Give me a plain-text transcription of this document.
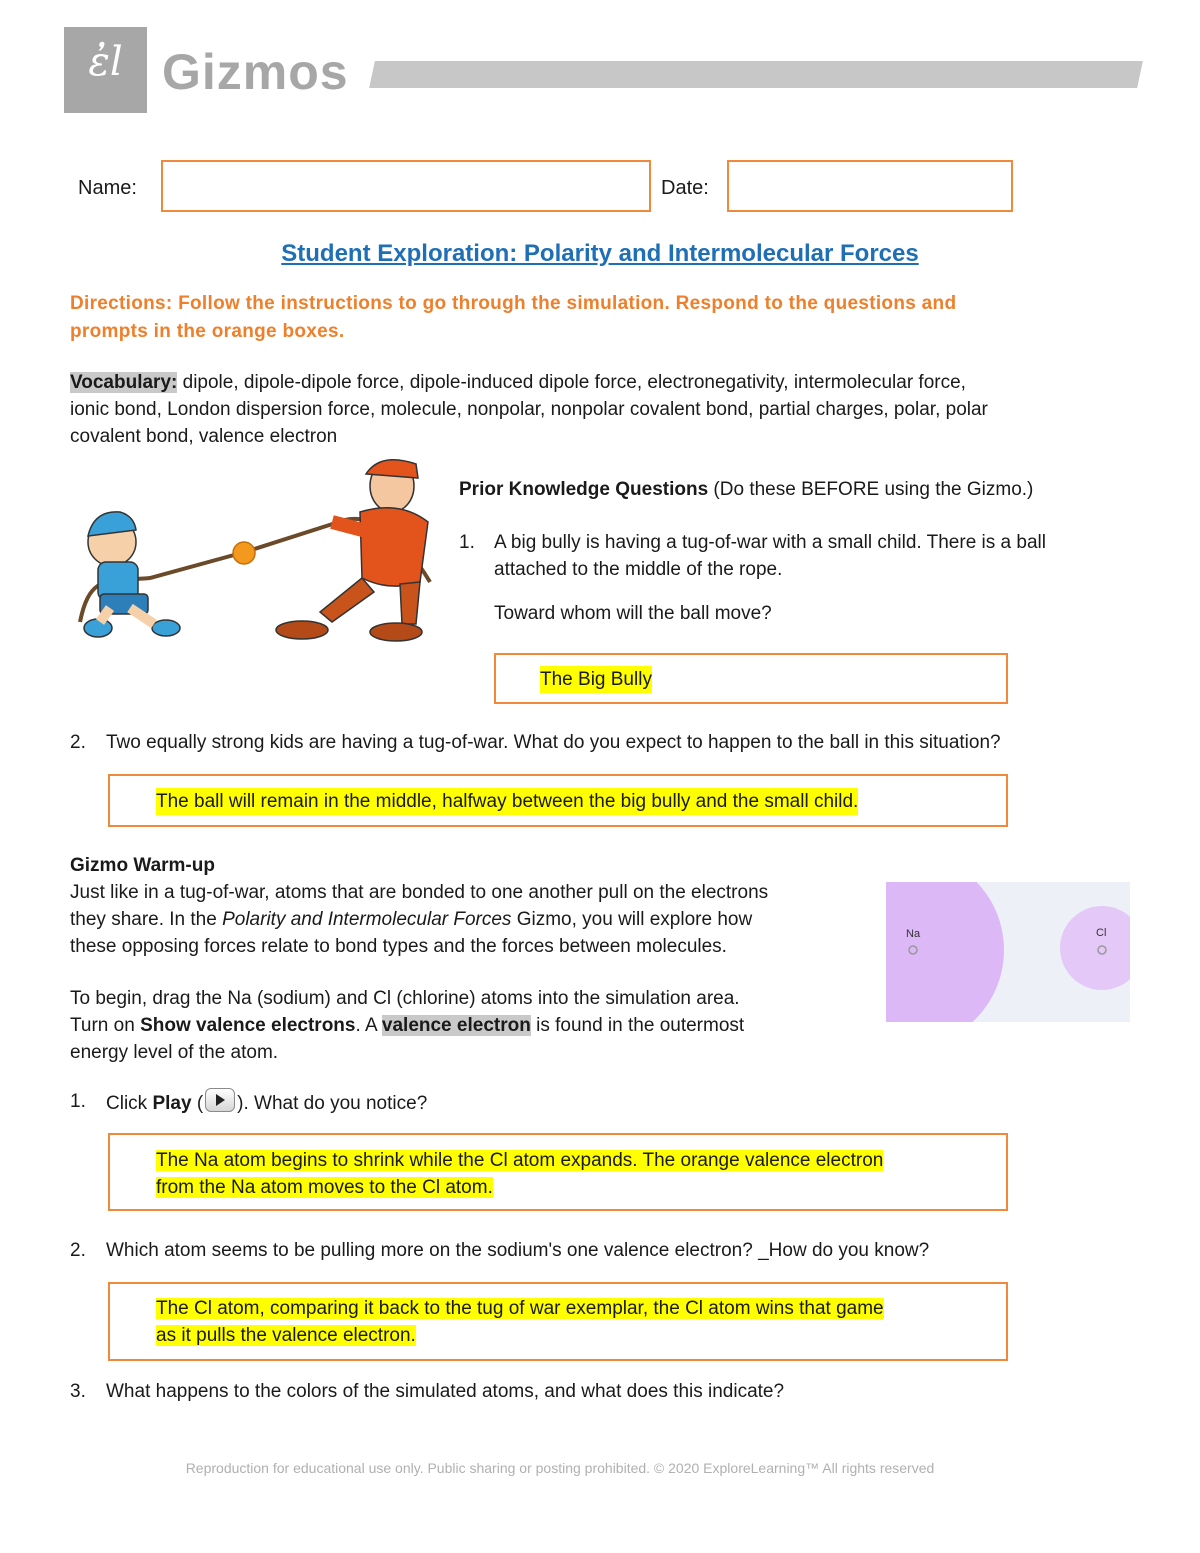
ἐl Gizmos
Name:	Date:
Student Exploration: Polarity and Intermolecular Forces
Directions: Follow the instructions to go through the simulation. Respond to the questions and
prompts in the orange boxes.
Vocabulary: dipole, dipole-dipole force, dipole-induced dipole force, electronegativity, intermolecular force,
ionic bond, London dispersion force, molecule, nonpolar, nonpolar covalent bond, partial charges, polar, polar
covalent bond, valence electron
Prior Knowledge Questions (Do these BEFORE using the Gizmo.)
1. A big bully is having a tug-of-war with a small child. There is a ball
attached to the middle of the rope.
Toward whom will the ball move?
The Big Bully
2. Two equally strong kids are having a tug-of-war. What do you expect to happen to the ball in this situation?
The ball will remain in the middle, halfway between the big bully and the small child.
Gizmo Warm-up
Just like in a tug-of-war, atoms that are bonded to one another pull on the electrons
they share. In the Polarity and Intermolecular Forces Gizmo, you will explore how
these opposing forces relate to bond types and the forces between molecules.
To begin, drag the Na (sodium) and Cl (chlorine) atoms into the simulation area.
Turn on Show valence electrons. A valence electron is found in the outermost
energy level of the atom.
Na	Cl
1. Click Play ( ). What do you notice?
The Na atom begins to shrink while the Cl atom expands. The orange valence electron
from the Na atom moves to the Cl atom.
2. Which atom seems to be pulling more on the sodium's one valence electron? _How do you know?
The Cl atom, comparing it back to the tug of war exemplar, the Cl atom wins that game
as it pulls the valence electron.
3. What happens to the colors of the simulated atoms, and what does this indicate?
Reproduction for educational use only. Public sharing or posting prohibited. © 2020 ExploreLearning™ All rights reserved
